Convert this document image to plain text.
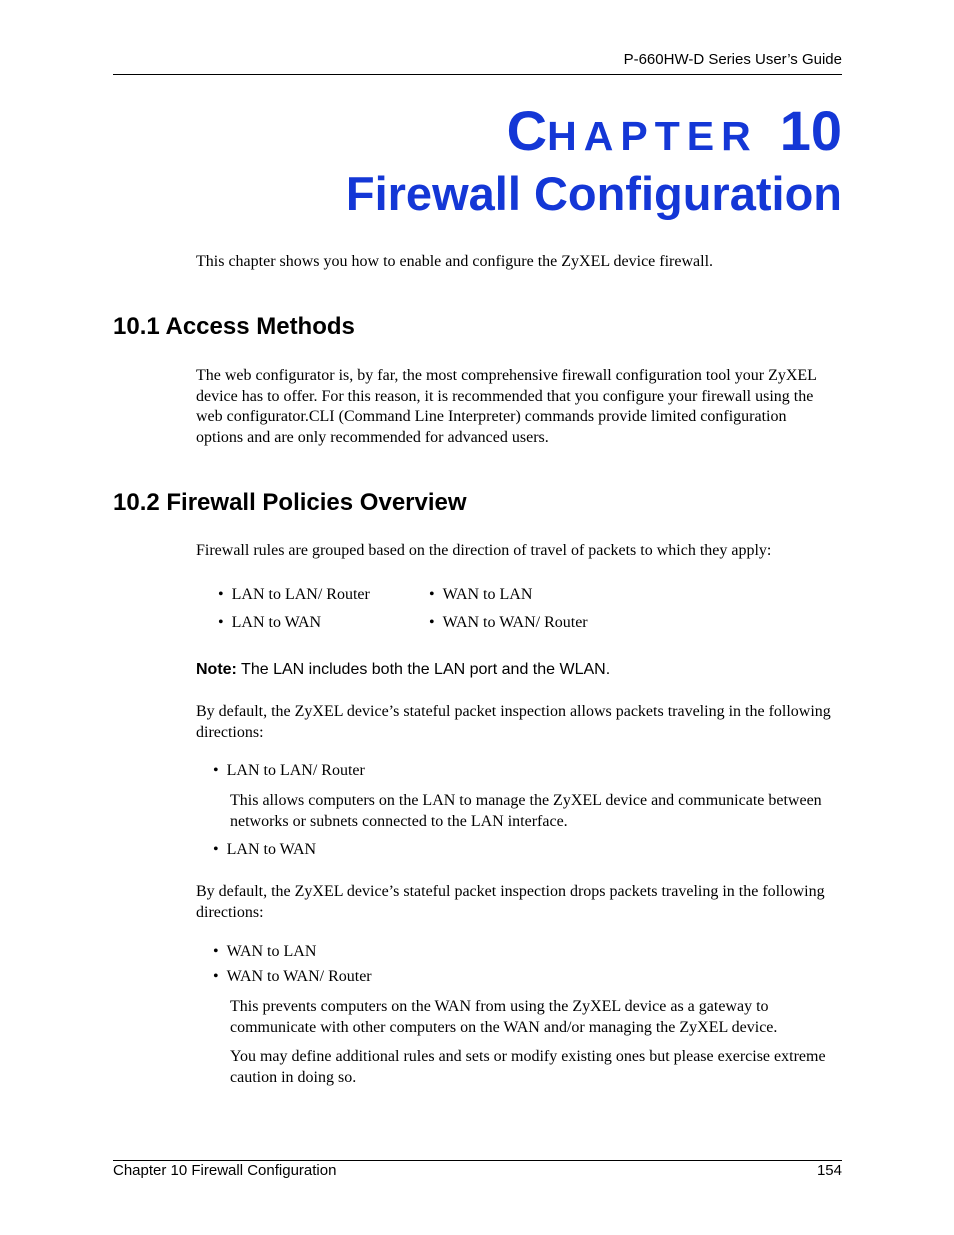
P-660HW-D Series User’s Guide
CHAPTER 10
Firewall Configuration
This chapter shows you how to enable and configure the ZyXEL device firewall.
10.1 Access Methods
The web configurator is, by far, the most comprehensive firewall configuration tool your ZyXEL device has to offer. For this reason, it is recommended that you configure your firewall using the web configurator.CLI (Command Line Interpreter) commands provide limited configuration options and are only recommended for advanced users.
10.2 Firewall Policies Overview
Firewall rules are grouped based on the direction of travel of packets to which they apply:
• LAN to LAN/ Router	• WAN to LAN
• LAN to WAN	• WAN to WAN/ Router
Note: The LAN includes both the LAN port and the WLAN.
By default, the ZyXEL device’s stateful packet inspection allows packets traveling in the following directions:
• LAN to LAN/ Router
This allows computers on the LAN to manage the ZyXEL device and communicate between networks or subnets connected to the LAN interface.
• LAN to WAN
By default, the ZyXEL device’s stateful packet inspection drops packets traveling in the following directions:
• WAN to LAN
• WAN to WAN/ Router
This prevents computers on the WAN from using the ZyXEL device as a gateway to communicate with other computers on the WAN and/or managing the ZyXEL device.
You may define additional rules and sets or modify existing ones but please exercise extreme caution in doing so.
Chapter 10 Firewall Configuration	154
